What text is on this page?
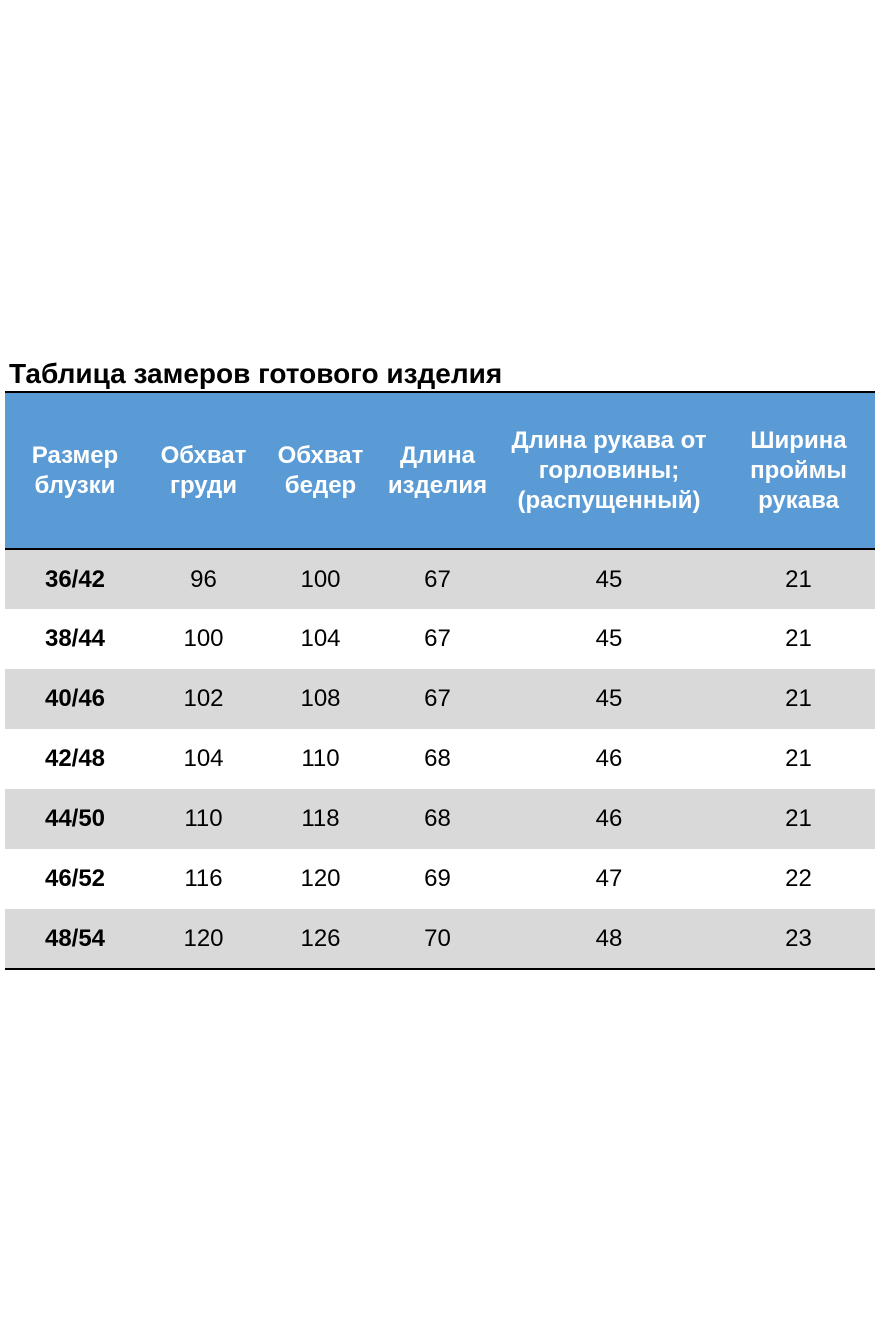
Таблица замеров готового изделия
Размер блузки	Обхват груди	Обхват бедер	Длина изделия	Длина рукава от горловины; (распущенный)	Ширина проймы рукава
36/42	96	100	67	45	21
38/44	100	104	67	45	21
40/46	102	108	67	45	21
42/48	104	110	68	46	21
44/50	110	118	68	46	21
46/52	116	120	69	47	22
48/54	120	126	70	48	23
